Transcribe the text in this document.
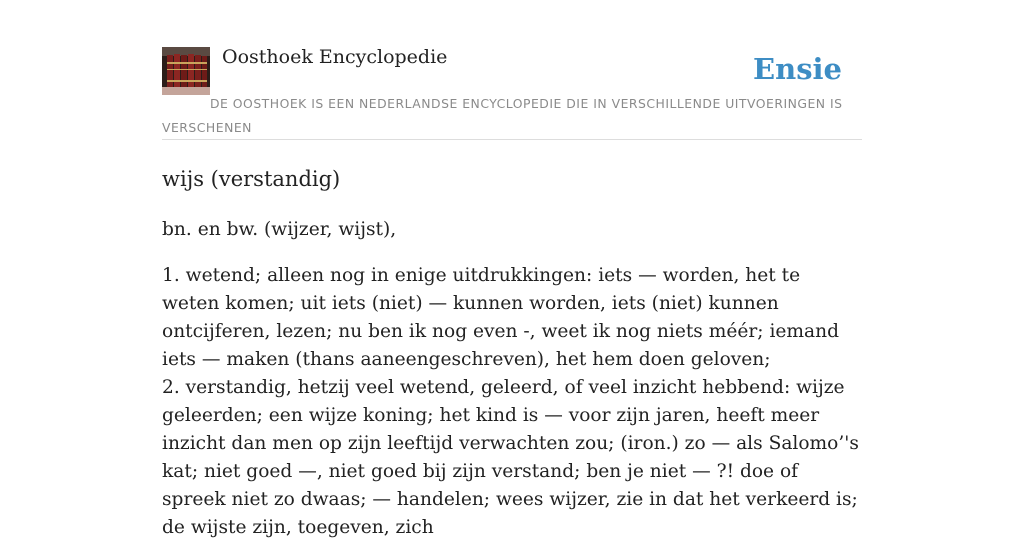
Oosthoek Encyclopedie	Ensie
DE OOSTHOEK IS EEN NEDERLANDSE ENCYCLOPEDIE DIE IN VERSCHILLENDE UITVOERINGEN IS VERSCHENEN
wijs (verstandig)

bn. en bw. (wijzer, wijst),

1. wetend; alleen nog in enige uitdrukkingen: iets — worden, het te weten komen; uit iets (niet) — kunnen worden, iets (niet) kunnen ontcijferen, lezen; nu ben ik nog even -, weet ik nog niets méér; iemand iets — maken (thans aaneengeschreven), het hem doen geloven;

2. verstandig, hetzij veel wetend, geleerd, of veel inzicht hebbend: wijze geleerden; een wijze koning; het kind is — voor zijn jaren, heeft meer inzicht dan men op zijn leeftijd verwachten zou; (iron.) zo — als Salomo’'s kat; niet goed —, niet goed bij zijn verstand; ben je niet — ?! doe of spreek niet zo dwaas; — handelen; wees wijzer, zie in dat het verkeerd is; de wijste zijn, toegeven, zich
